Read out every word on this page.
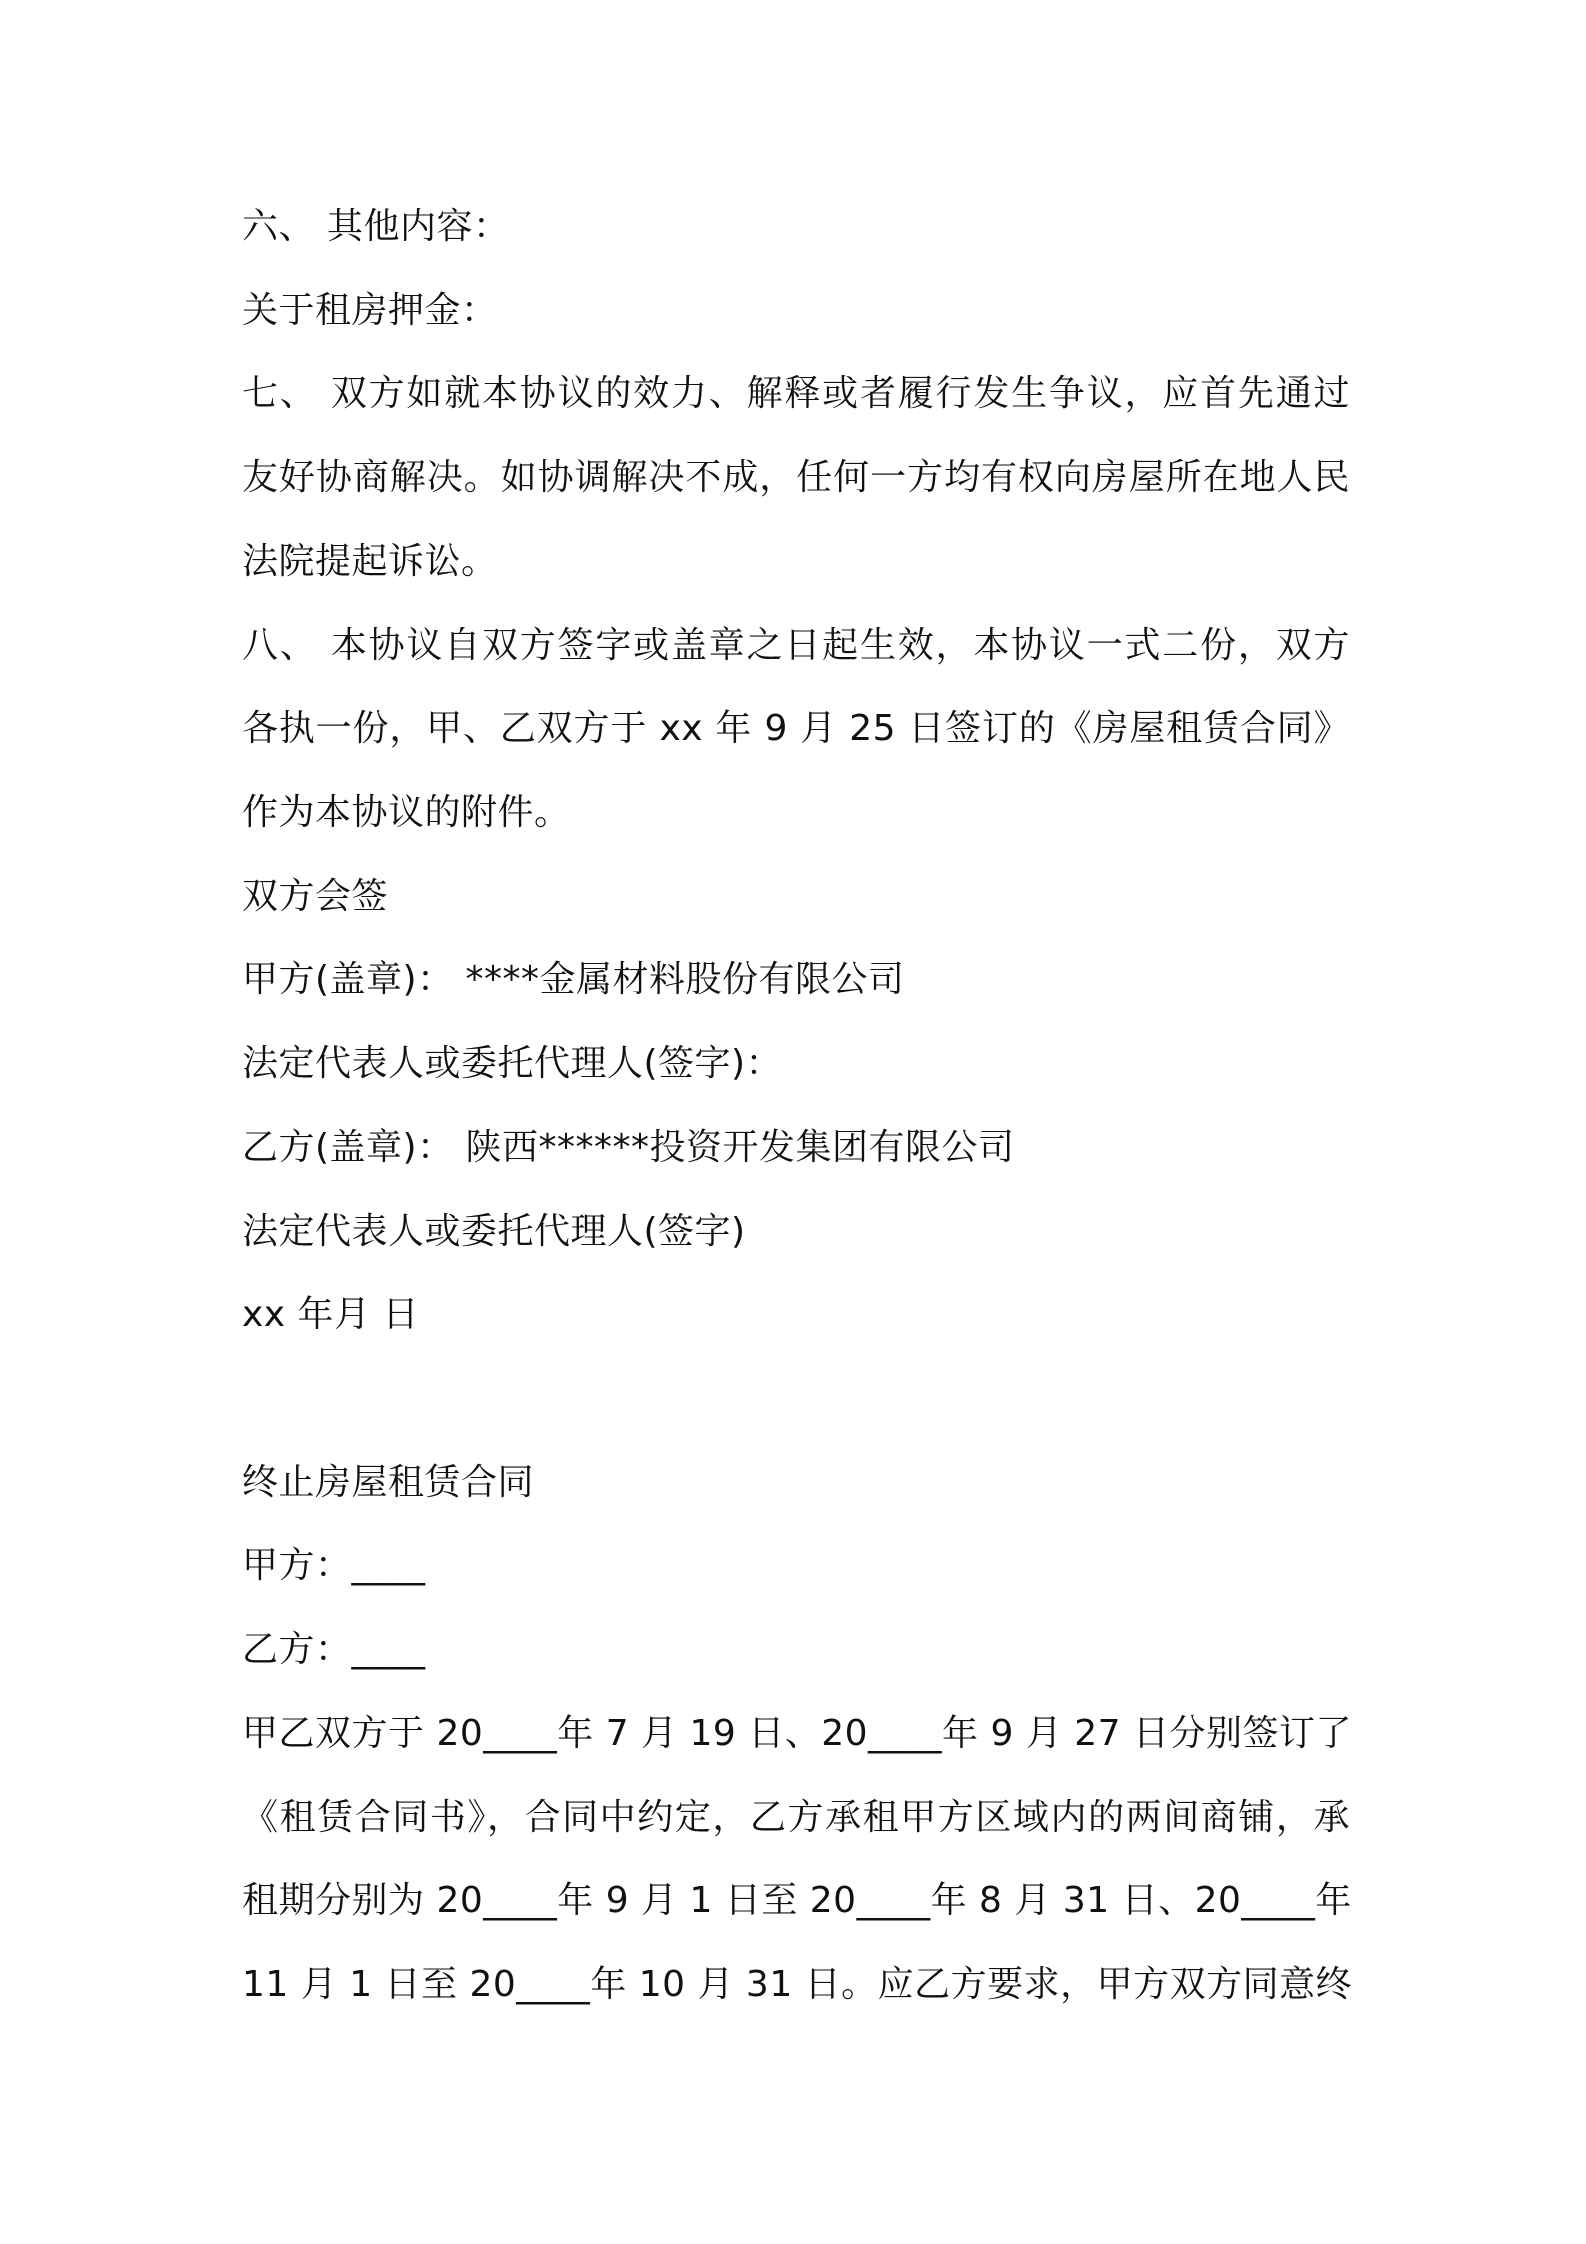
六、 其他内容：

关于租房押金：

七、 双方如就本协议的效力、解释或者履行发生争议，应首先通过

友好协商解决。如协调解决不成，任何一方均有权向房屋所在地人民

法院提起诉讼。

八、 本协议自双方签字或盖章之日起生效，本协议一式二份，双方

各执一份，甲、乙双方于 xx 年 9 月 25 日签订的《房屋租赁合同》

作为本协议的附件。

双方会签

甲方(盖章)： ****金属材料股份有限公司

法定代表人或委托代理人(签字)：

乙方(盖章)： 陕西******投资开发集团有限公司

法定代表人或委托代理人(签字)

xx 年月 日

终止房屋租赁合同

甲方：____

乙方：____

甲乙双方于 20____年 7 月 19 日、20____年 9 月 27 日分别签订了

《租赁合同书》，合同中约定，乙方承租甲方区域内的两间商铺，承

租期分别为 20____年 9 月 1 日至 20____年 8 月 31 日、20____年

11 月 1 日至 20____年 10 月 31 日。应乙方要求，甲方双方同意终
